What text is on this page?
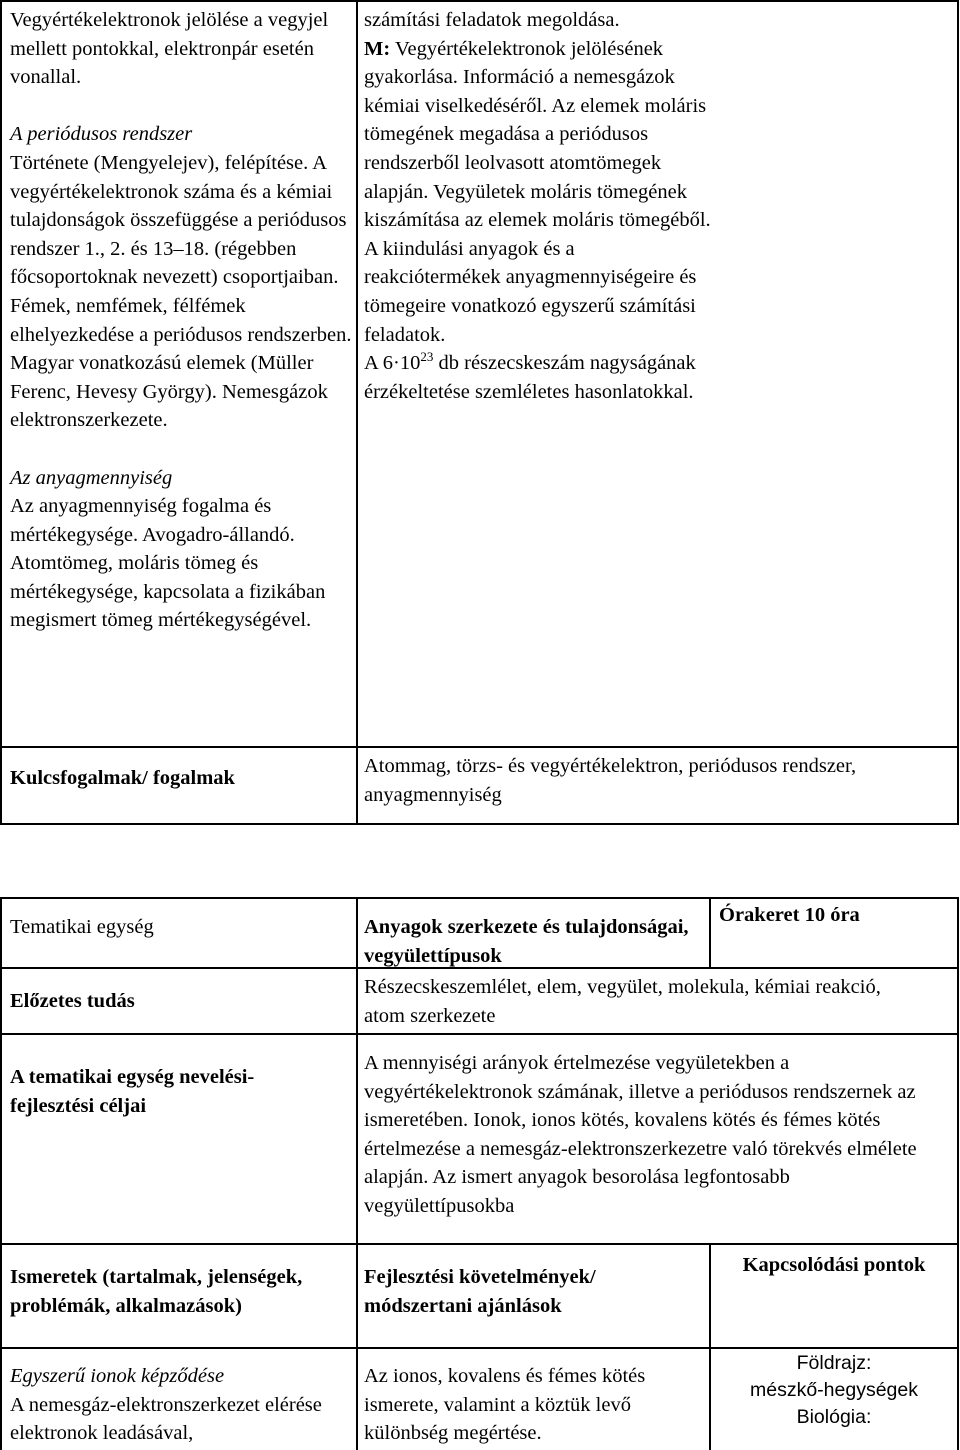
Vegyértékelektronok jelölése a vegyjel mellett pontokkal, elektronpár esetén vonallal.

A periódusos rendszer

Története (Mengyelejev), felépítése. A vegyértékelektronok száma és a kémiai tulajdonságok összefüggése a periódusos rendszer 1., 2. és 13–18. (régebben főcsoportoknak nevezett) csoportjaiban. Fémek, nemfémek, félfémek elhelyezkedése a periódusos rendszerben. Magyar vonatkozású elemek (Müller Ferenc, Hevesy György). Nemesgázok elektronszerkezete.

Az anyagmennyiség

Az anyagmennyiség fogalma és mértékegysége. Avogadro-állandó. Atomtömeg, moláris tömeg és mértékegysége, kapcsolata a fizikában megismert tömeg mértékegységével.

számítási feladatok megoldása.

M: Vegyértékelektronok jelölésének gyakorlása. Információ a nemesgázok kémiai viselkedéséről. Az elemek moláris tömegének megadása a periódusos rendszerből leolvasott atomtömegek alapján. Vegyületek moláris tömegének kiszámítása az elemek moláris tömegéből. A kiindulási anyagok és a reakciótermékek anyagmennyiségeire és tömegeire vonatkozó egyszerű számítási feladatok.

A $6\cdot 10^{23}$ db részecskeszám nagyságának érzékeltetése szemléletes hasonlatokkal.

Kulcsfogalmak/ fogalmak
Atommag, törzs- és vegyértékelektron, periódusos rendszer, anyagmennyiség
Tematikai egység	Anyagok szerkezete és tulajdonságai, vegyülettípusok
Órakeret 10 óra
Előzetes tudás
Részecskeszemlélet, elem, vegyület, molekula, kémiai reakció, atom szerkezete
A tematikai egység nevelési-fejlesztési céljai
A mennyiségi arányok értelmezése vegyületekben a vegyértékelektronok számának, illetve a periódusos rendszernek az ismeretében. Ionok, ionos kötés, kovalens kötés és fémes kötés értelmezése a nemesgáz-elektronszerkezetre való törekvés elmélete alapján. Az ismert anyagok besorolása legfontosabb vegyülettípusokba
Ismeretek (tartalmak, jelenségek, problémák, alkalmazások)
Fejlesztési követelmények/ módszertani ajánlások
Kapcsolódási pontok

Egyszerű ionok képződése

A nemesgáz-elektronszerkezet elérése elektronok leadásával,

Az ionos, kovalens és fémes kötés ismerete, valamint a köztük levő különbség megértése.

Földrajz:

mészkő-hegységek

Biológia:
